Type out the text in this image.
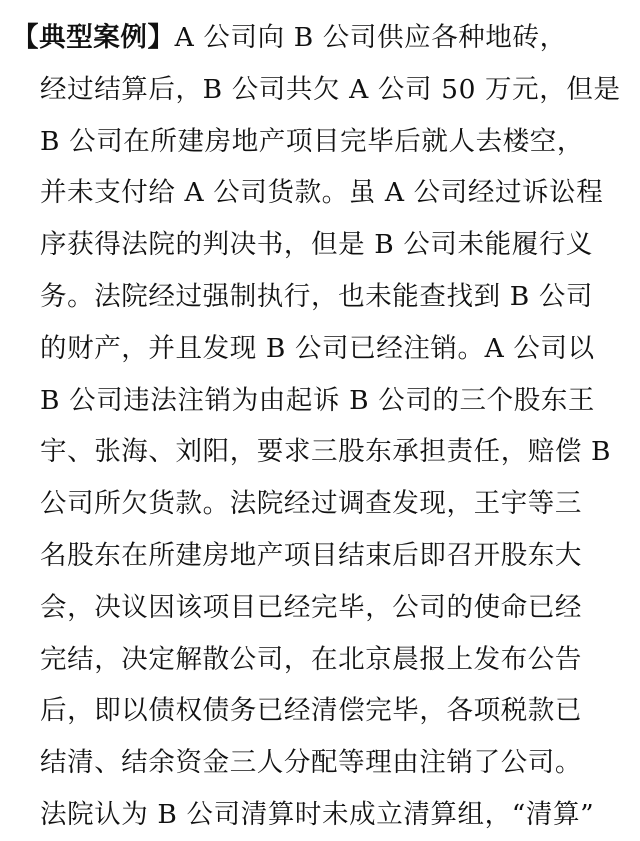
【典型案例】A 公司向 B 公司供应各种地砖，
经过结算后，B 公司共欠 A 公司 50 万元，但是
B 公司在所建房地产项目完毕后就人去楼空，
并未支付给 A 公司货款。虽 A 公司经过诉讼程
序获得法院的判决书，但是 B 公司未能履行义
务。法院经过强制执行，也未能查找到 B 公司
的财产，并且发现 B 公司已经注销。A 公司以
B 公司违法注销为由起诉 B 公司的三个股东王
宇、张海、刘阳，要求三股东承担责任，赔偿 B
公司所欠货款。法院经过调查发现，王宇等三
名股东在所建房地产项目结束后即召开股东大
会，决议因该项目已经完毕，公司的使命已经
完结，决定解散公司，在北京晨报上发布公告
后，即以债权债务已经清偿完毕，各项税款已
结清、结余资金三人分配等理由注销了公司。
法院认为 B 公司清算时未成立清算组，“清算”
